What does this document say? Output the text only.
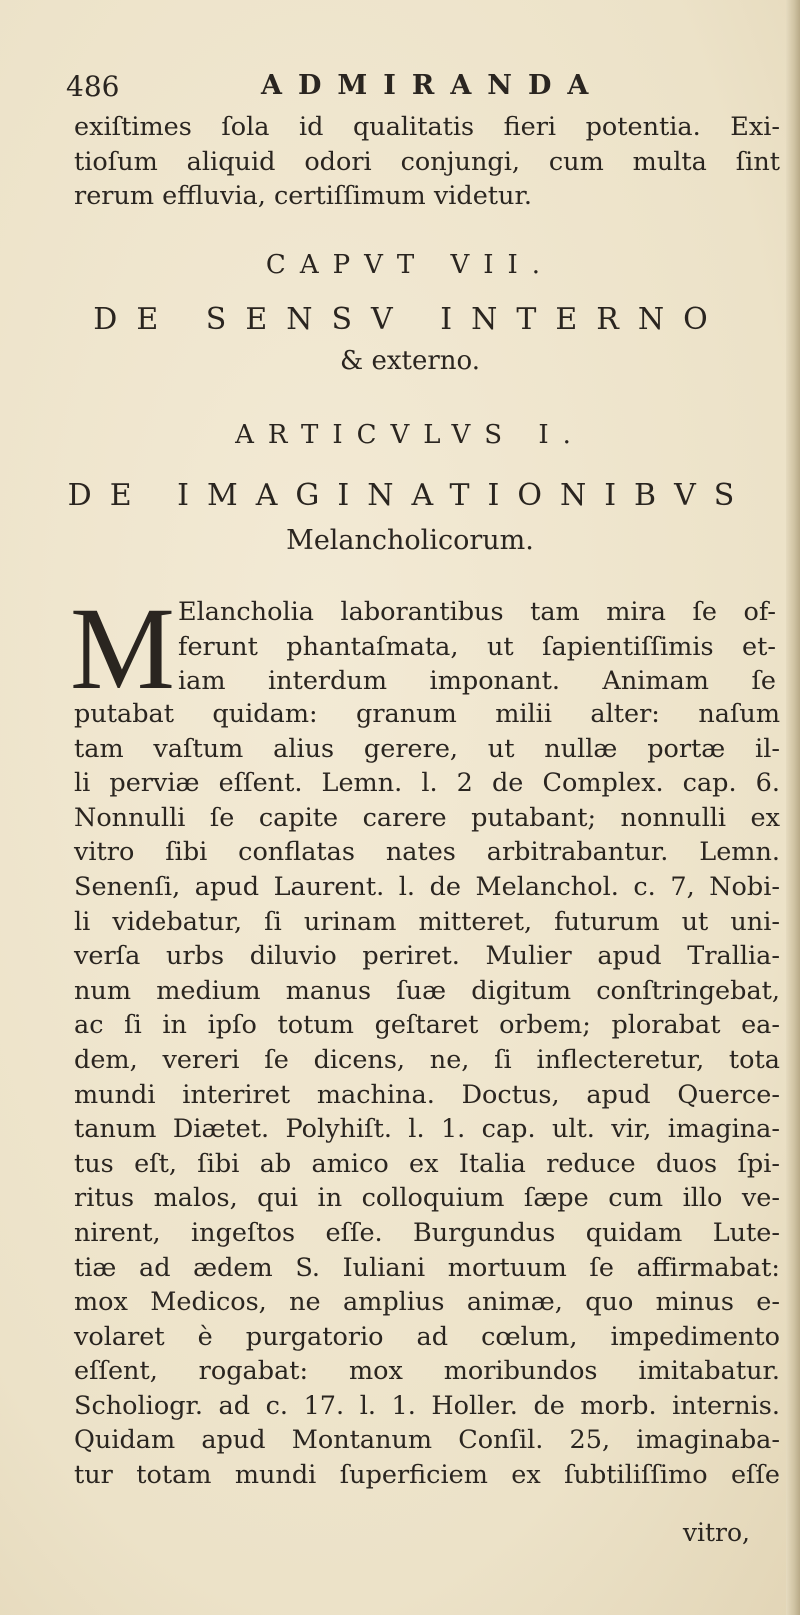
486	ADMIRANDA
exiſtimes ſola id qualitatis fieri potentia. Exi-
tioſum aliquid odori conjungi, cum multa ſint
rerum effluvia, certiſſimum videtur.
CAPVT VII.
DE SENSV INTERNO
& externo.
ARTICVLVS I.
DE IMAGINATIONIBVS
Melancholicorum.
M Elancholia laborantibus tam mira ſe of-
ferunt phantaſmata, ut ſapientiſſimis et-
iam interdum imponant. Animam ſe
putabat quidam: granum milii alter: naſum
tam vaſtum alius gerere, ut nullæ portæ il-
li perviæ eſſent. Lemn. l. 2 de Complex. cap. 6.
Nonnulli ſe capite carere putabant; nonnulli ex
vitro ſibi conflatas nates arbitrabantur. Lemn.
Senenſi, apud Laurent. l. de Melanchol. c. 7, Nobi-
li videbatur, ſi urinam mitteret, futurum ut uni-
verſa urbs diluvio periret. Mulier apud Trallia-
num medium manus ſuæ digitum conſtringebat,
ac ſi in ipſo totum geſtaret orbem; plorabat ea-
dem, vereri ſe dicens, ne, ſi inflecteretur, tota
mundi interiret machina. Doctus, apud Querce-
tanum Diætet. Polyhiſt. l. 1. cap. ult. vir, imagina-
tus eſt, ſibi ab amico ex Italia reduce duos ſpi-
ritus malos, qui in colloquium ſæpe cum illo ve-
nirent, ingeſtos eſſe. Burgundus quidam Lute-
tiæ ad ædem S. Iuliani mortuum ſe affirmabat:
mox Medicos, ne amplius animæ, quo minus e-
volaret è purgatorio ad cœlum, impedimento
eſſent, rogabat: mox moribundos imitabatur.
Scholiogr. ad c. 17. l. 1. Holler. de morb. internis.
Quidam apud Montanum Conſil. 25, imaginaba-
tur totam mundi ſuperficiem ex ſubtiliſſimo eſſe
vitro,
